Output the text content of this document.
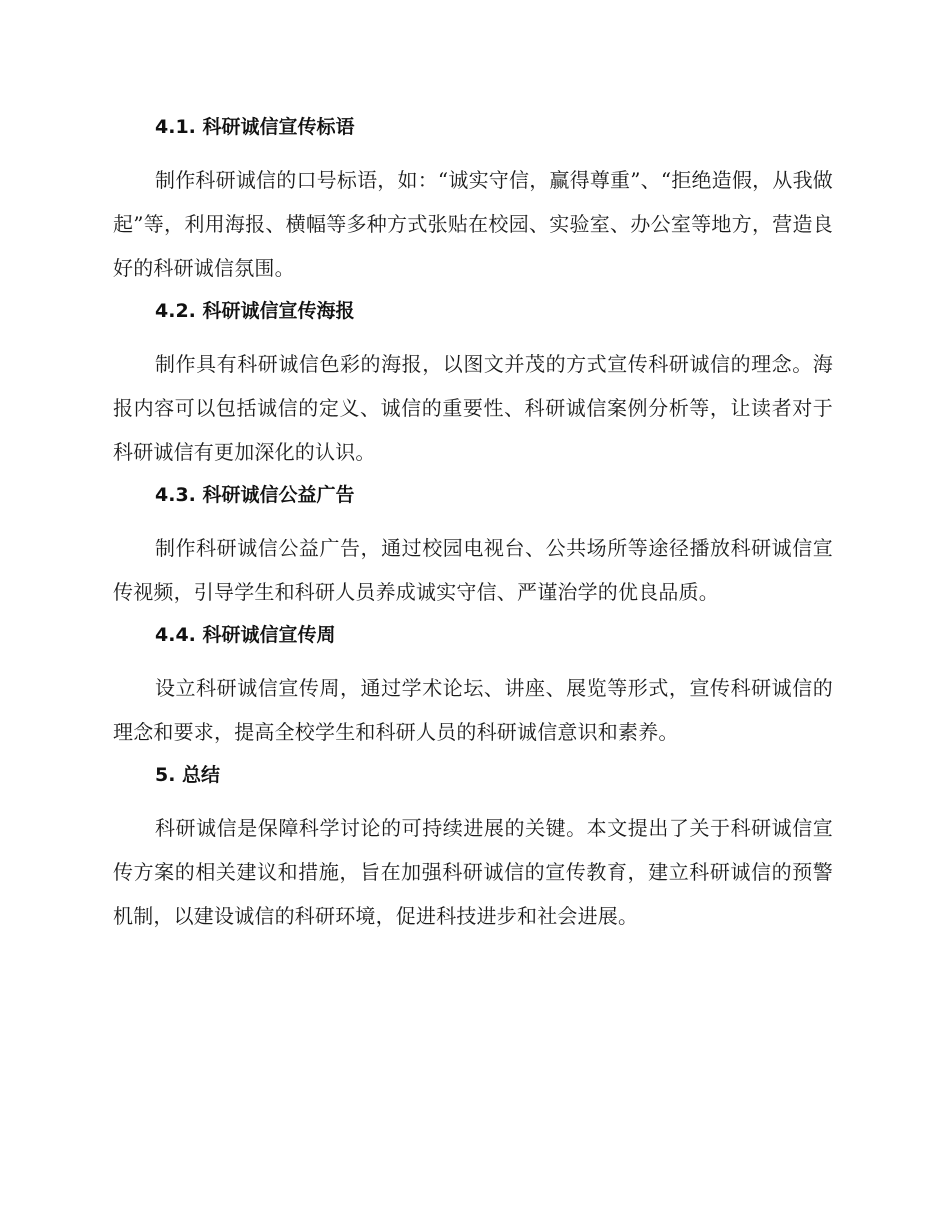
4.1. 科研诚信宣传标语

制作科研诚信的口号标语，如：“诚实守信，赢得尊重”、“拒绝造假，从我做起”等，利用海报、横幅等多种方式张贴在校园、实验室、办公室等地方，营造良好的科研诚信氛围。

4.2. 科研诚信宣传海报

制作具有科研诚信色彩的海报，以图文并茂的方式宣传科研诚信的理念。海报内容可以包括诚信的定义、诚信的重要性、科研诚信案例分析等，让读者对于科研诚信有更加深化的认识。

4.3. 科研诚信公益广告

制作科研诚信公益广告，通过校园电视台、公共场所等途径播放科研诚信宣传视频，引导学生和科研人员养成诚实守信、严谨治学的优良品质。

4.4. 科研诚信宣传周

设立科研诚信宣传周，通过学术论坛、讲座、展览等形式，宣传科研诚信的理念和要求，提高全校学生和科研人员的科研诚信意识和素养。

5. 总结

科研诚信是保障科学讨论的可持续进展的关键。本文提出了关于科研诚信宣传方案的相关建议和措施，旨在加强科研诚信的宣传教育，建立科研诚信的预警机制，以建设诚信的科研环境，促进科技进步和社会进展。
